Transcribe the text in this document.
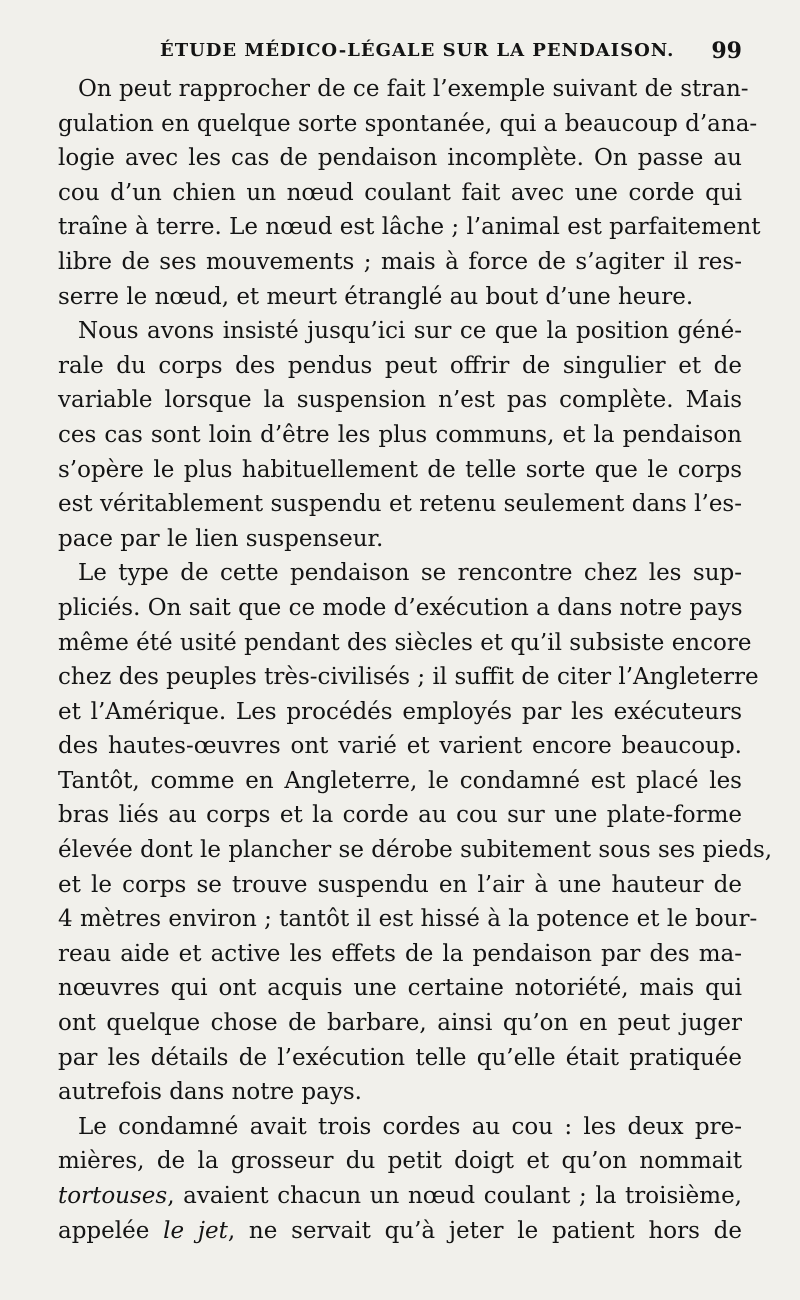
ÉTUDE MÉDICO-LÉGALE SUR LA PENDAISON. 99
On peut rapprocher de ce fait l’exemple suivant de stran-
gulation en quelque sorte spontanée, qui a beaucoup d’ana-
logie avec les cas de pendaison incomplète. On passe au
cou d’un chien un nœud coulant fait avec une corde qui
traîne à terre. Le nœud est lâche ; l’animal est parfaitement
libre de ses mouvements ; mais à force de s’agiter il res-
serre le nœud, et meurt étranglé au bout d’une heure.
Nous avons insisté jusqu’ici sur ce que la position géné-
rale du corps des pendus peut offrir de singulier et de
variable lorsque la suspension n’est pas complète. Mais
ces cas sont loin d’être les plus communs, et la pendaison
s’opère le plus habituellement de telle sorte que le corps
est véritablement suspendu et retenu seulement dans l’es-
pace par le lien suspenseur.
Le type de cette pendaison se rencontre chez les sup-
pliciés. On sait que ce mode d’exécution a dans notre pays
même été usité pendant des siècles et qu’il subsiste encore
chez des peuples très-civilisés ; il suffit de citer l’Angleterre
et l’Amérique. Les procédés employés par les exécuteurs
des hautes-œuvres ont varié et varient encore beaucoup.
Tantôt, comme en Angleterre, le condamné est placé les
bras liés au corps et la corde au cou sur une plate-forme
élevée dont le plancher se dérobe subitement sous ses pieds,
et le corps se trouve suspendu en l’air à une hauteur de
4 mètres environ ; tantôt il est hissé à la potence et le bour-
reau aide et active les effets de la pendaison par des ma-
nœuvres qui ont acquis une certaine notoriété, mais qui
ont quelque chose de barbare, ainsi qu’on en peut juger
par les détails de l’exécution telle qu’elle était pratiquée
autrefois dans notre pays.
Le condamné avait trois cordes au cou : les deux pre-
mières, de la grosseur du petit doigt et qu’on nommait
tortouses, avaient chacun un nœud coulant ; la troisième,
appelée le jet, ne servait qu’à jeter le patient hors de
